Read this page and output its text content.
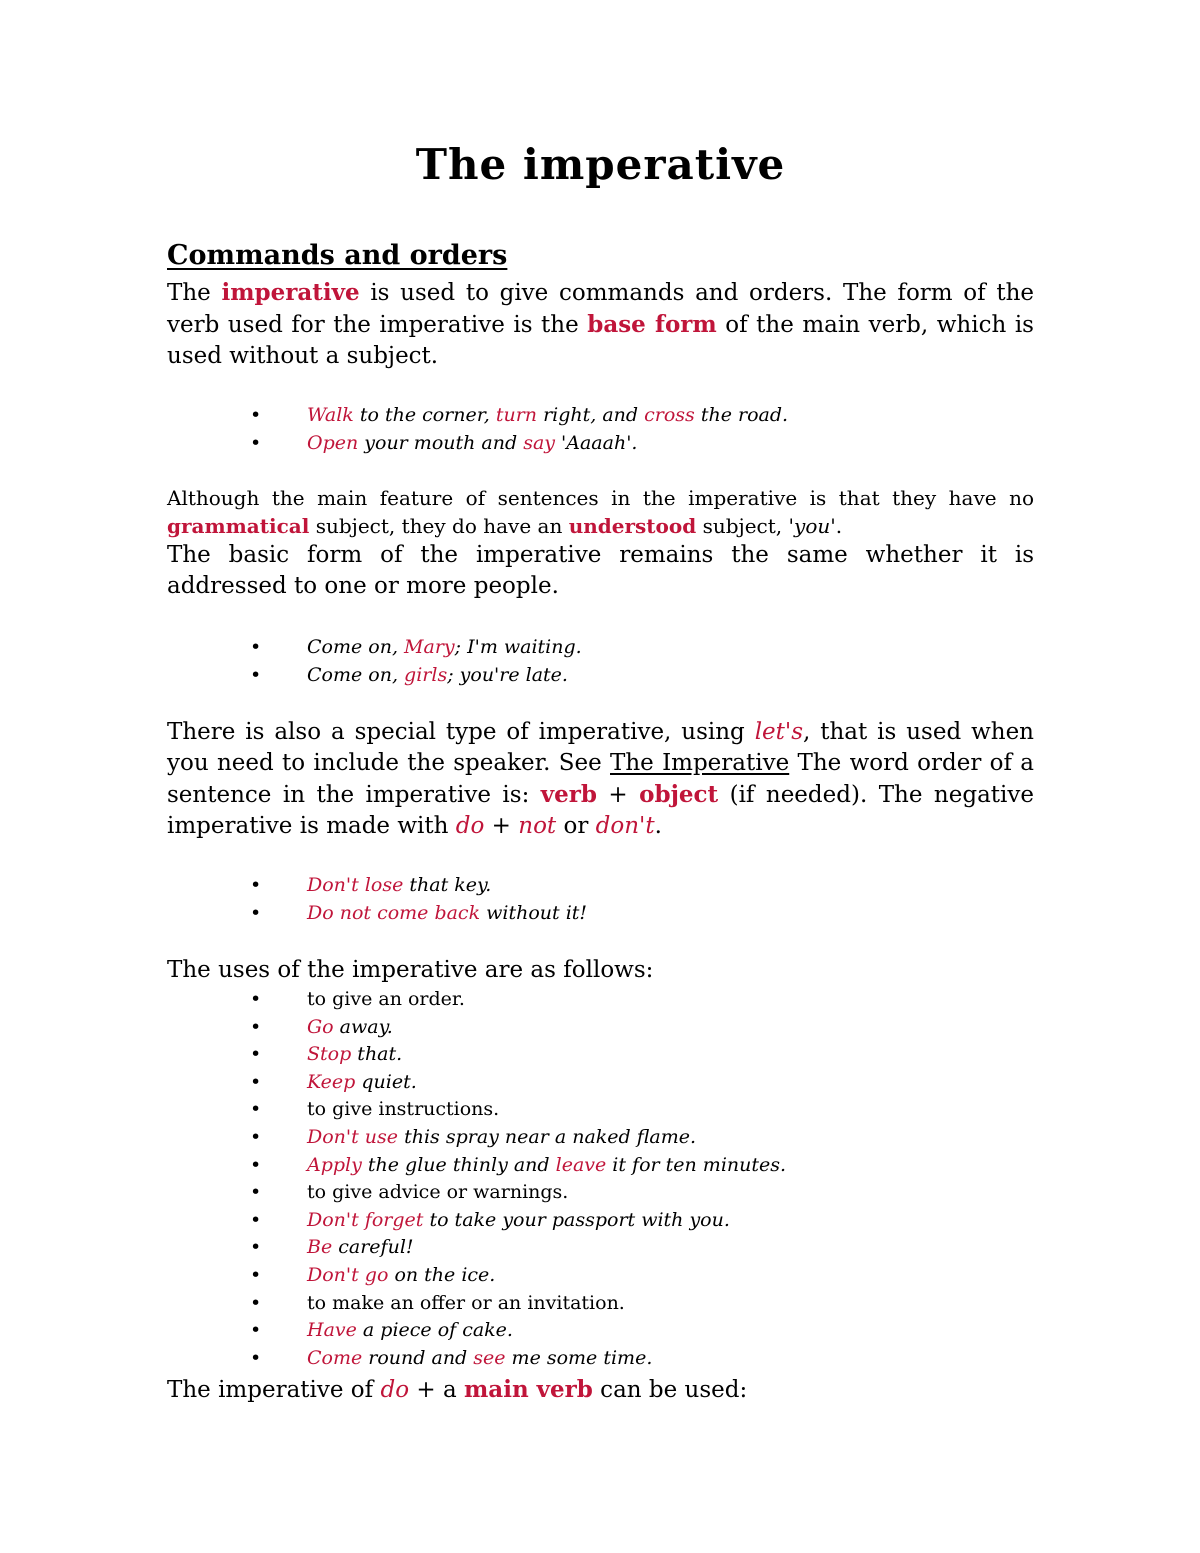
The imperative
Commands and orders
The imperative is used to give commands and orders. The form of the verb used for the imperative is the base form of the main verb, which is used without a subject.
• Walk to the corner, turn right, and cross the road.
• Open your mouth and say 'Aaaah'.
Although the main feature of sentences in the imperative is that they have no grammatical subject, they do have an understood subject, 'you'.
The basic form of the imperative remains the same whether it is addressed to one or more people.
• Come on, Mary; I'm waiting.
• Come on, girls; you're late.
There is also a special type of imperative, using let's, that is used when you need to include the speaker. See The Imperative The word order of a sentence in the imperative is: verb + object (if needed). The negative imperative is made with do + not or don't.
• Don't lose that key.
• Do not come back without it!
The uses of the imperative are as follows:
• to give an order.
• Go away.
• Stop that.
• Keep quiet.
• to give instructions.
• Don't use this spray near a naked flame.
• Apply the glue thinly and leave it for ten minutes.
• to give advice or warnings.
• Don't forget to take your passport with you.
• Be careful!
• Don't go on the ice.
• to make an offer or an invitation.
• Have a piece of cake.
• Come round and see me some time.
The imperative of do + a main verb can be used:
